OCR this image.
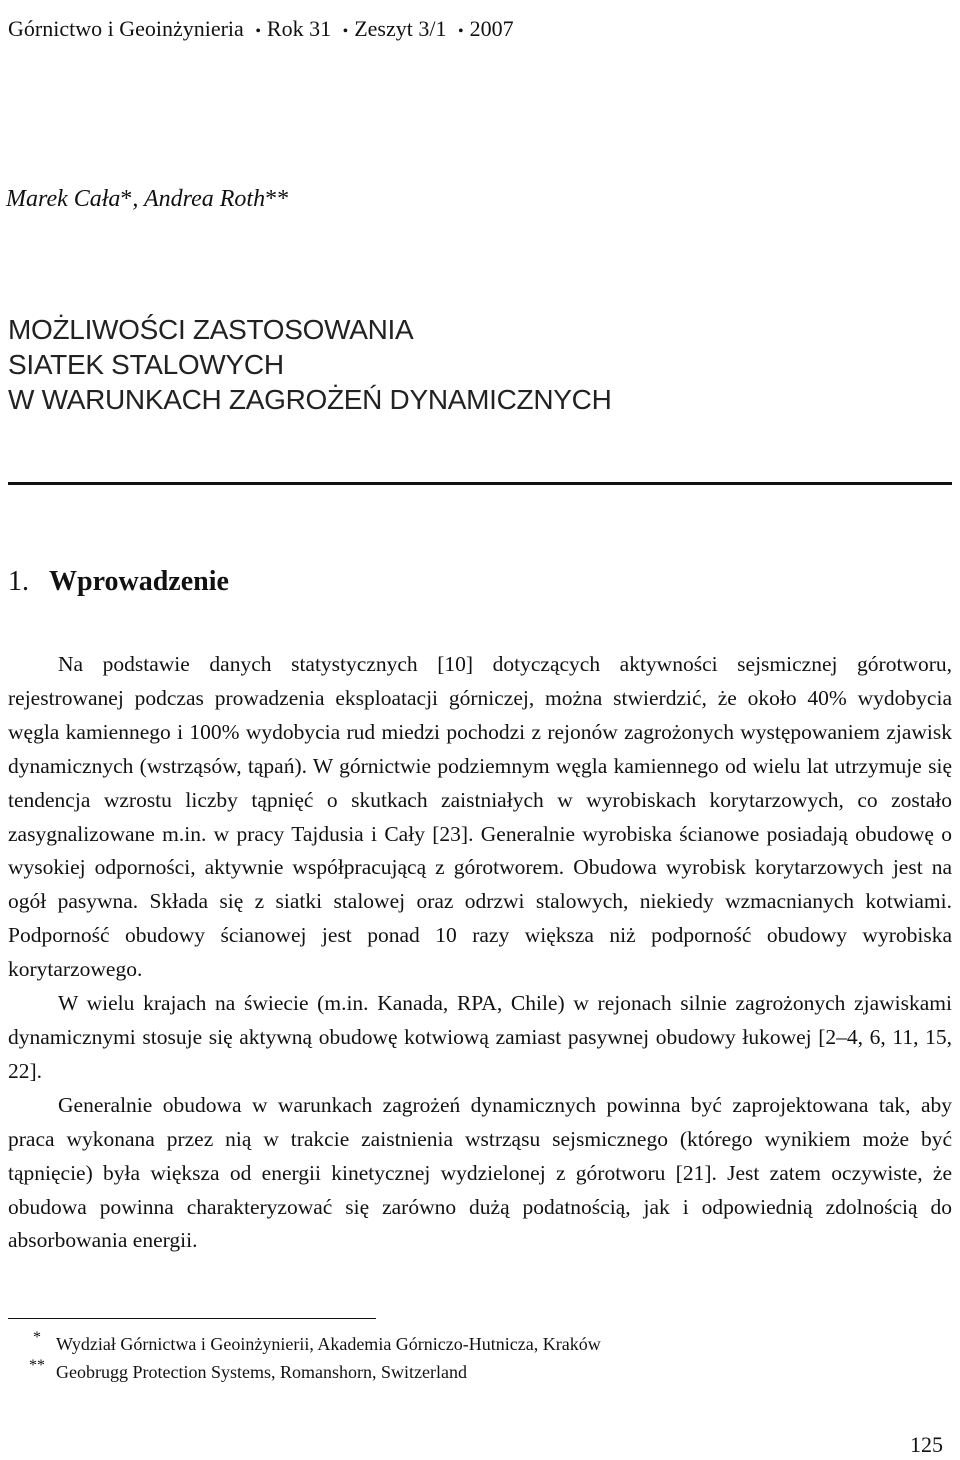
Górnictwo i Geoinżynieria • Rok 31 • Zeszyt 3/1 • 2007
Marek Cała*, Andrea Roth**
MOŻLIWOŚCI ZASTOSOWANIA
SIATEK STALOWYCH
W WARUNKACH ZAGROŻEŃ DYNAMICZNYCH
1. Wprowadzenie

Na podstawie danych statystycznych [10] dotyczących aktywności sejsmicznej górotworu, rejestrowanej podczas prowadzenia eksploatacji górniczej, można stwierdzić, że około 40% wydobycia węgla kamiennego i 100% wydobycia rud miedzi pochodzi z rejonów zagrożonych występowaniem zjawisk dynamicznych (wstrząsów, tąpań). W górnictwie podziemnym węgla kamiennego od wielu lat utrzymuje się tendencja wzrostu liczby tąpnięć o skutkach zaistniałych w wyrobiskach korytarzowych, co zostało zasygnalizowane m.in. w pracy Tajdusia i Cały [23]. Generalnie wyrobiska ścianowe posiadają obudowę o wysokiej odporności, aktywnie współpracującą z górotworem. Obudowa wyrobisk korytarzowych jest na ogół pasywna. Składa się z siatki stalowej oraz odrzwi stalowych, niekiedy wzmacnianych kotwiami. Podporność obudowy ścianowej jest ponad 10 razy większa niż podporność obudowy wyrobiska korytarzowego.

W wielu krajach na świecie (m.in. Kanada, RPA, Chile) w rejonach silnie zagrożonych zjawiskami dynamicznymi stosuje się aktywną obudowę kotwiową zamiast pasywnej obudowy łukowej [2–4, 6, 11, 15, 22].

Generalnie obudowa w warunkach zagrożeń dynamicznych powinna być zaprojektowana tak, aby praca wykonana przez nią w trakcie zaistnienia wstrząsu sejsmicznego (którego wynikiem może być tąpnięcie) była większa od energii kinetycznej wydzielonej z górotworu [21]. Jest zatem oczywiste, że obudowa powinna charakteryzować się zarówno dużą podatnością, jak i odpowiednią zdolnością do absorbowania energii.

* Wydział Górnictwa i Geoinżynierii, Akademia Górniczo-Hutnicza, Kraków
** Geobrugg Protection Systems, Romanshorn, Switzerland
125
